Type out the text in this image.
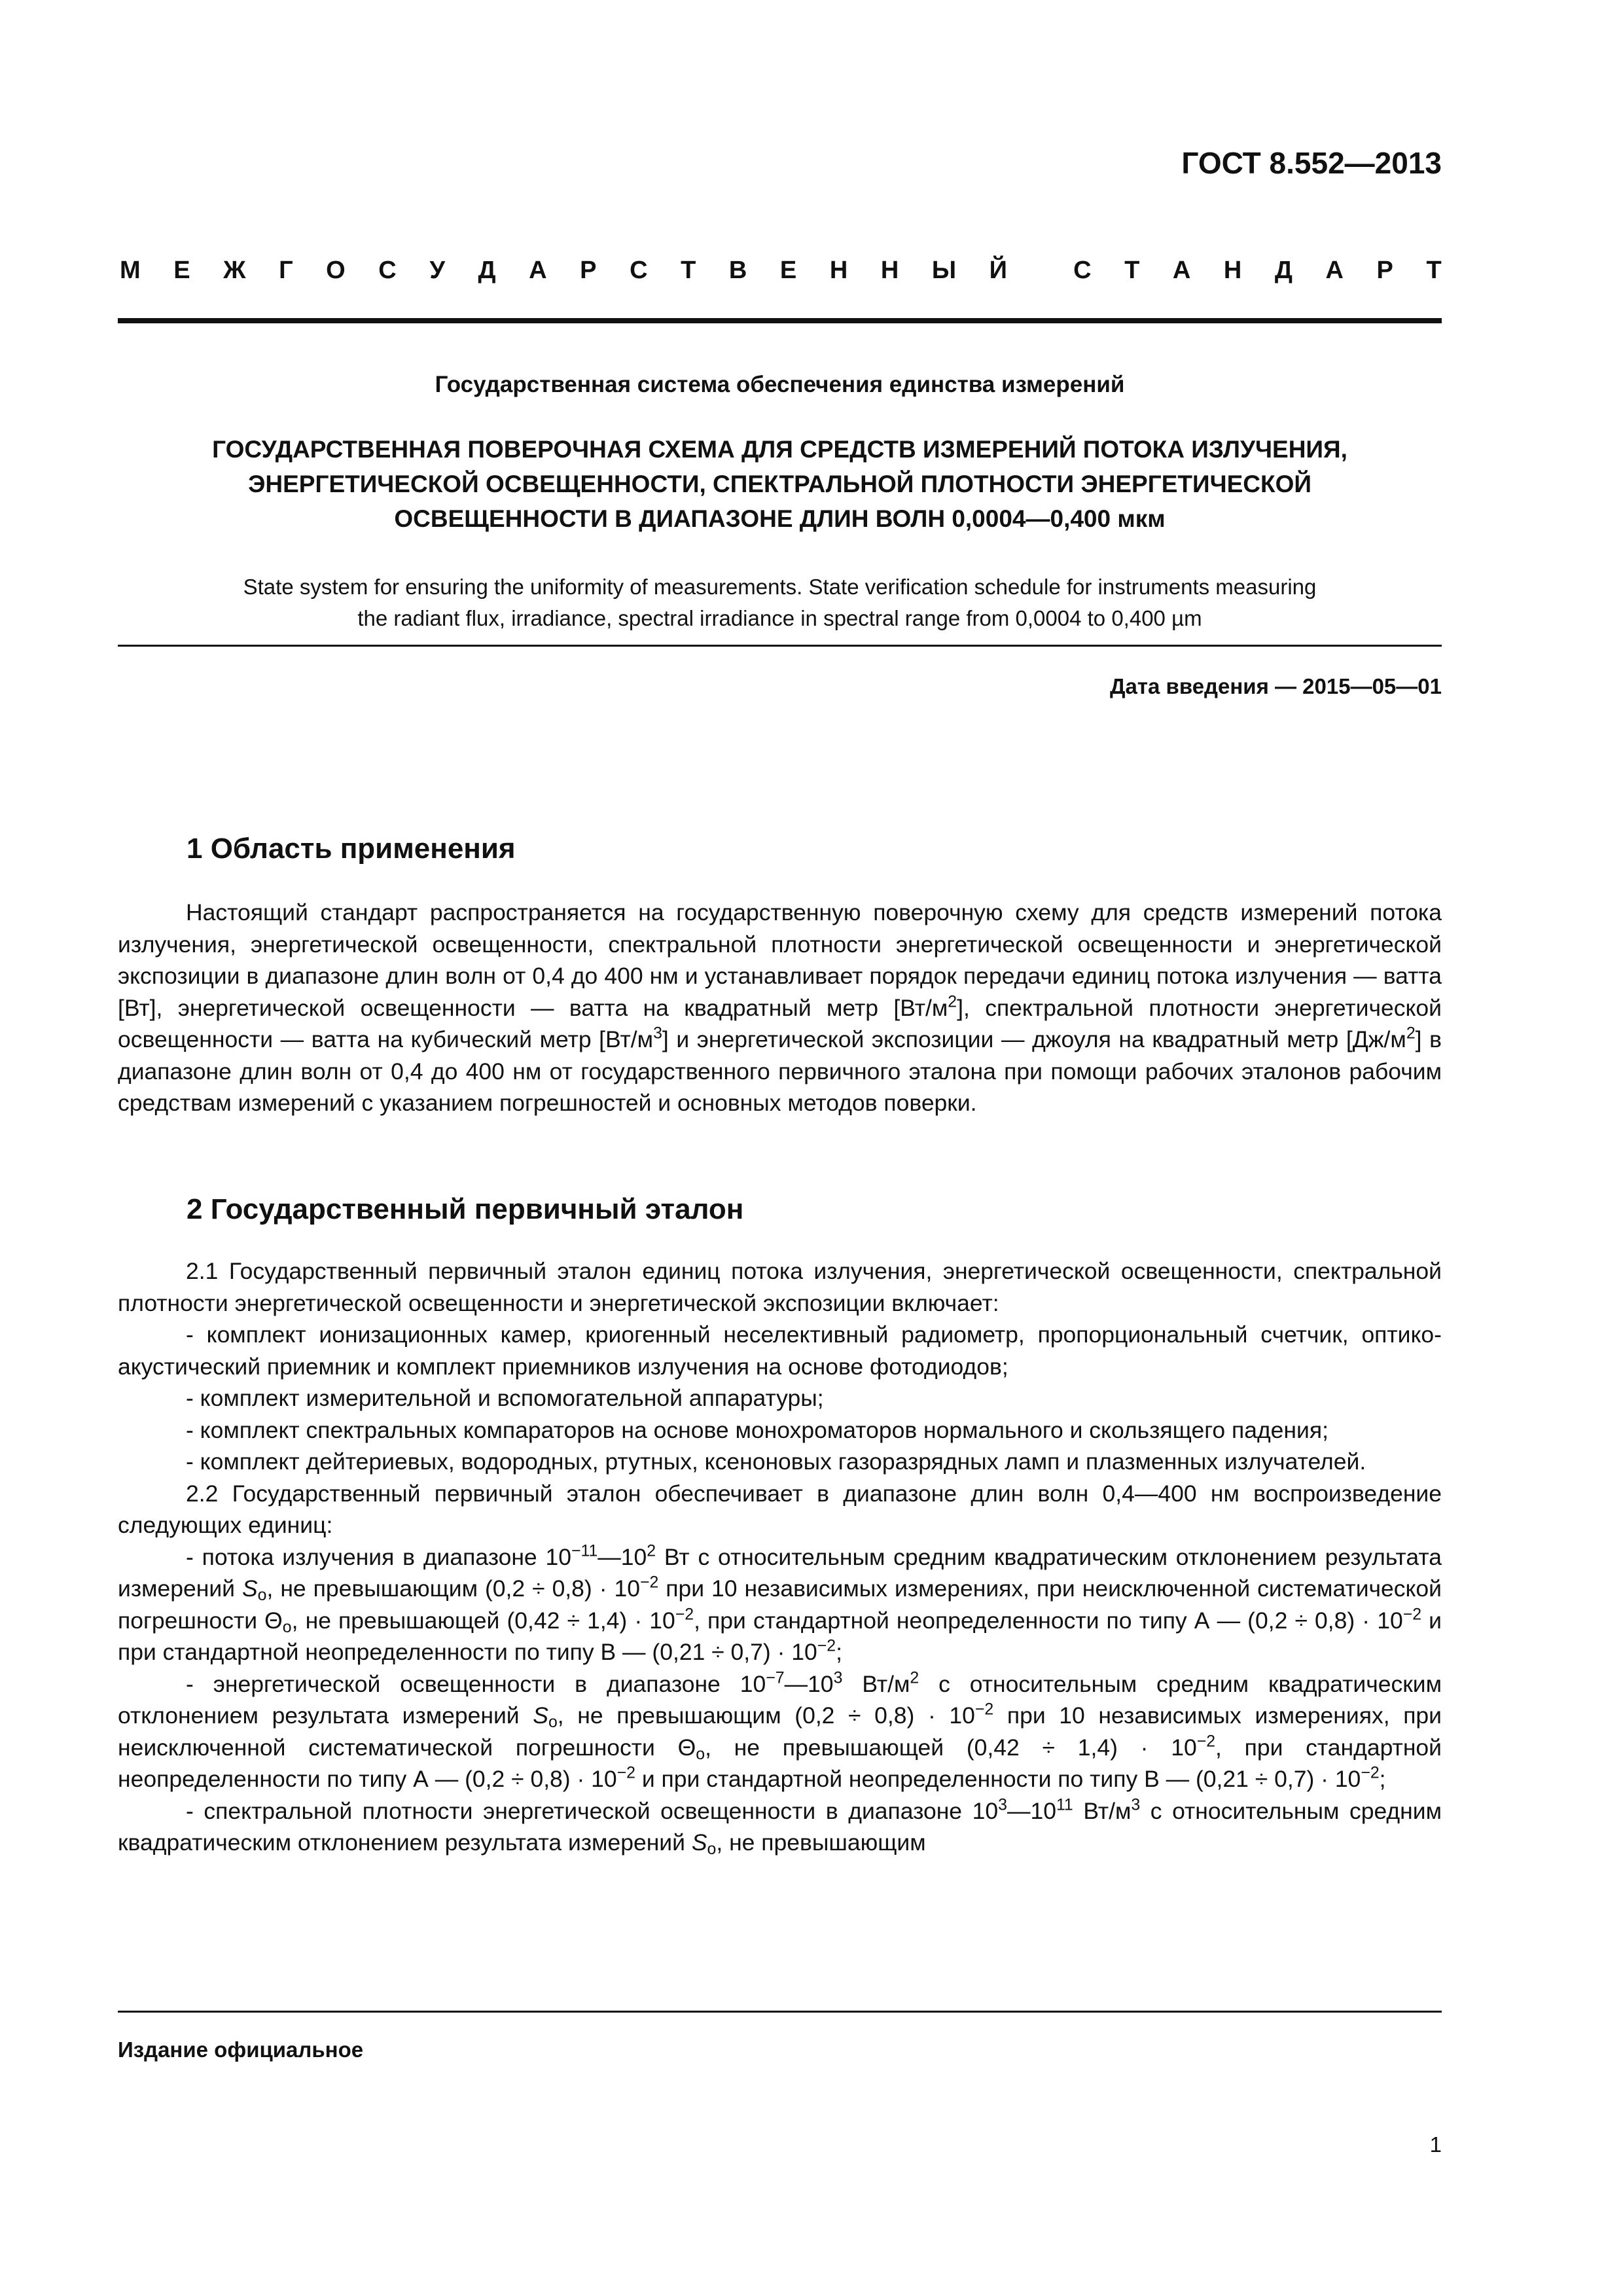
ГОСТ 8.552—2013
М Е Ж Г О С У Д А Р С Т В Е Н Н Ы Й	С Т А Н Д А Р Т
Государственная система обеспечения единства измерений
ГОСУДАРСТВЕННАЯ ПОВЕРОЧНАЯ СХЕМА ДЛЯ СРЕДСТВ ИЗМЕРЕНИЙ ПОТОКА ИЗЛУЧЕНИЯ,
ЭНЕРГЕТИЧЕСКОЙ ОСВЕЩЕННОСТИ, СПЕКТРАЛЬНОЙ ПЛОТНОСТИ ЭНЕРГЕТИЧЕСКОЙ
ОСВЕЩЕННОСТИ В ДИАПАЗОНЕ ДЛИН ВОЛН 0,0004—0,400 мкм
State system for ensuring the uniformity of measurements. State verification schedule for instruments measuring
the radiant flux, irradiance, spectral irradiance in spectral range from 0,0004 to 0,400 µm
Дата введения — 2015—05—01
1 Область применения

Настоящий стандарт распространяется на государственную поверочную схему для средств измерений потока излучения, энергетической освещенности, спектральной плотности энергетической освещенности и энергетической экспозиции в диапазоне длин волн от 0,4 до 400 нм и устанавливает порядок передачи единиц потока излучения — ватта [Вт], энергетической освещенности — ватта на квадратный метр $[Вт/м^2]$, спектральной плотности энергетической освещенности — ватта на кубический метр $[Вт/м^3]$ и энергетической экспозиции — джоуля на квадратный метр $[Дж/м^2]$ в диапазоне длин волн от 0,4 до 400 нм от государственного первичного эталона при помощи рабочих эталонов рабочим средствам измерений с указанием погрешностей и основных методов поверки.

2 Государственный первичный эталон

2.1 Государственный первичный эталон единиц потока излучения, энергетической освещенности, спектральной плотности энергетической освещенности и энергетической экспозиции включает:

- комплект ионизационных камер, криогенный неселективный радиометр, пропорциональный счетчик, оптико-акустический приемник и комплект приемников излучения на основе фотодиодов;

- комплект измерительной и вспомогательной аппаратуры;

- комплект спектральных компараторов на основе монохроматоров нормального и скользящего падения;

- комплект дейтериевых, водородных, ртутных, ксеноновых газоразрядных ламп и плазменных излучателей.

2.2 Государственный первичный эталон обеспечивает в диапазоне длин волн 0,4—400 нм воспроизведение следующих единиц:

- потока излучения в диапазоне $10^{-11}—10^2$ Вт с относительным средним квадратическим отклонением результата измерений $S_о$, не превышающим $(0,2 \div 0,8) \cdot 10^{-2}$ при 10 независимых измерениях, при неисключенной систематической погрешности $\Theta_о$, не превышающей $(0,42 \div 1,4) \cdot 10^{-2}$, при стандартной неопределенности по типу А — $(0,2 \div 0,8) \cdot 10^{-2}$ и при стандартной неопределенности по типу В — $(0,21 \div 0,7) \cdot 10^{-2}$;

- энергетической освещенности в диапазоне $10^{-7}—10^3$ $Вт/м^2$ с относительным средним квадратическим отклонением результата измерений $S_о$, не превышающим $(0,2 \div 0,8) \cdot 10^{-2}$ при 10 независимых измерениях, при неисключенной систематической погрешности $\Theta_о$, не превышающей $(0,42 \div 1,4) \cdot 10^{-2}$, при стандартной неопределенности по типу А — $(0,2 \div 0,8) \cdot 10^{-2}$ и при стандартной неопределенности по типу В — $(0,21 \div 0,7) \cdot 10^{-2}$;

- спектральной плотности энергетической освещенности в диапазоне $10^3—10^{11}$ $Вт/м^3$ с относительным средним квадратическим отклонением результата измерений $S_о$, не превышающим

Издание официальное
1
